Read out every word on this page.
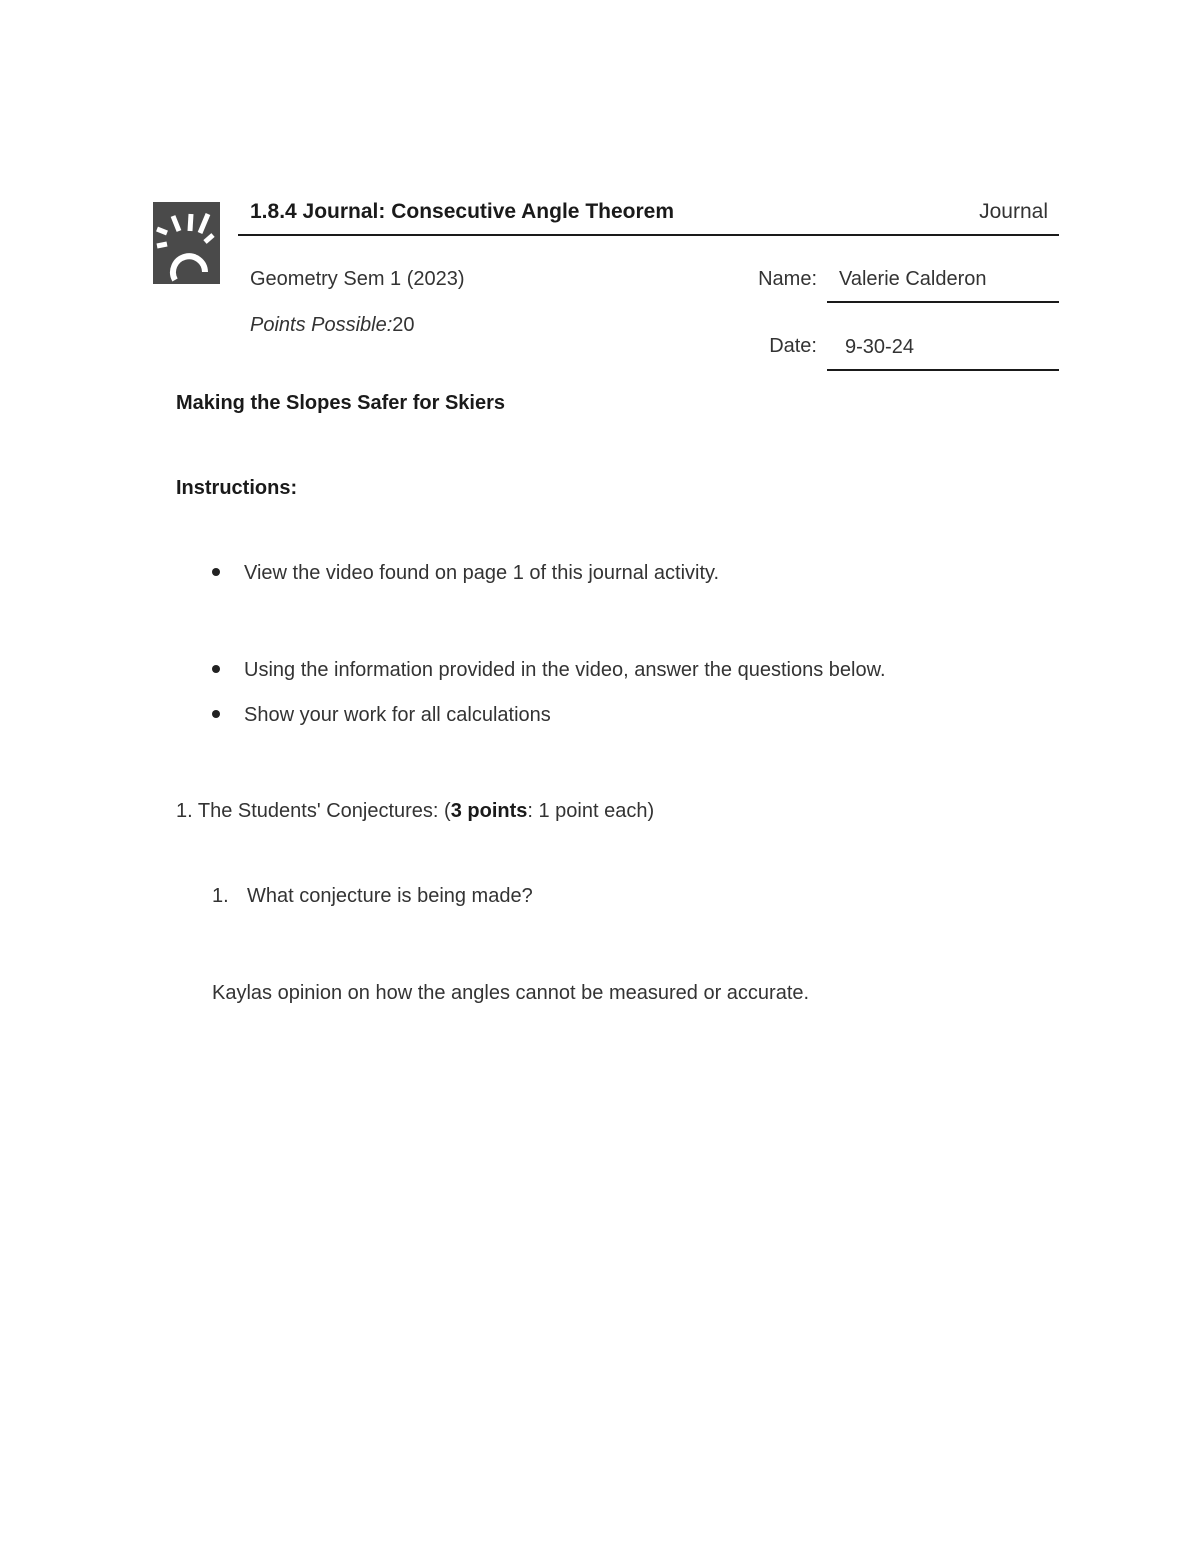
1.8.4 Journal: Consecutive Angle Theorem	Journal
Geometry Sem 1 (2023)
Points Possible:20
Name: Valerie Calderon
Date: 9-30-24
Making the Slopes Safer for Skiers
Instructions:
View the video found on page 1 of this journal activity.
Using the information provided in the video, answer the questions below.
Show your work for all calculations
1. The Students' Conjectures: (3 points: 1 point each)
1. What conjecture is being made?
Kaylas opinion on how the angles cannot be measured or accurate.
